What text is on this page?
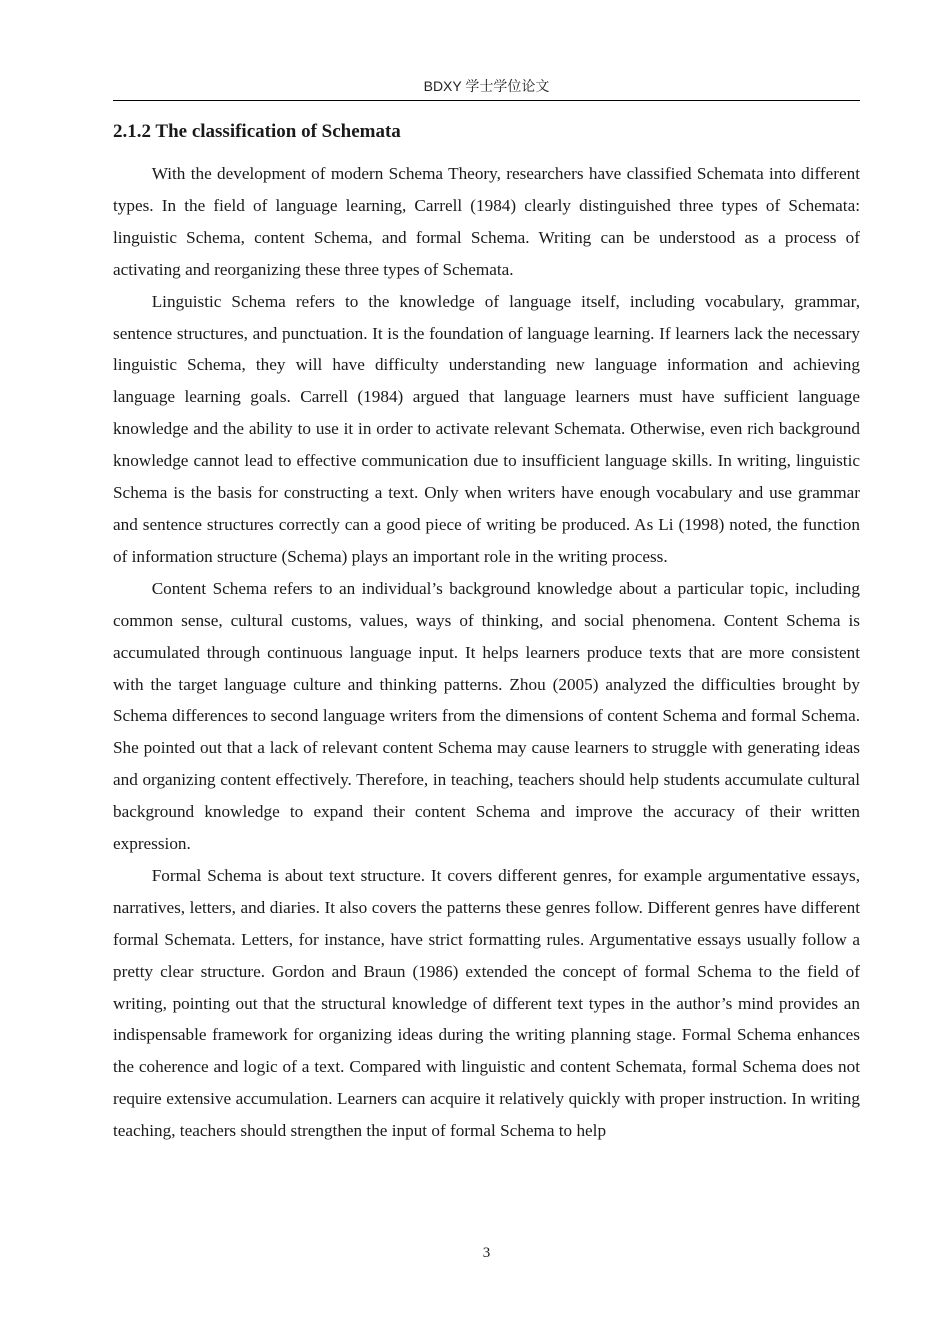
BDXY 学士学位论文
2.1.2 The classification of Schemata

With the development of modern Schema Theory, researchers have classified Schemata into different types. In the field of language learning, Carrell (1984) clearly distinguished three types of Schemata: linguistic Schema, content Schema, and formal Schema. Writing can be understood as a process of activating and reorganizing these three types of Schemata.

Linguistic Schema refers to the knowledge of language itself, including vocabulary, grammar, sentence structures, and punctuation. It is the foundation of language learning. If learners lack the necessary linguistic Schema, they will have difficulty understanding new language information and achieving language learning goals. Carrell (1984) argued that language learners must have sufficient language knowledge and the ability to use it in order to activate relevant Schemata. Otherwise, even rich background knowledge cannot lead to effective communication due to insufficient language skills. In writing, linguistic Schema is the basis for constructing a text. Only when writers have enough vocabulary and use grammar and sentence structures correctly can a good piece of writing be produced. As Li (1998) noted, the function of information structure (Schema) plays an important role in the writing process.

Content Schema refers to an individual’s background knowledge about a particular topic, including common sense, cultural customs, values, ways of thinking, and social phenomena. Content Schema is accumulated through continuous language input. It helps learners produce texts that are more consistent with the target language culture and thinking patterns. Zhou (2005) analyzed the difficulties brought by Schema differences to second language writers from the dimensions of content Schema and formal Schema. She pointed out that a lack of relevant content Schema may cause learners to struggle with generating ideas and organizing content effectively. Therefore, in teaching, teachers should help students accumulate cultural background knowledge to expand their content Schema and improve the accuracy of their written expression.

Formal Schema is about text structure. It covers different genres, for example argumentative essays, narratives, letters, and diaries. It also covers the patterns these genres follow. Different genres have different formal Schemata. Letters, for instance, have strict formatting rules. Argumentative essays usually follow a pretty clear structure. Gordon and Braun (1986) extended the concept of formal Schema to the field of writing, pointing out that the structural knowledge of different text types in the author’s mind provides an indispensable framework for organizing ideas during the writing planning stage. Formal Schema enhances the coherence and logic of a text. Compared with linguistic and content Schemata, formal Schema does not require extensive accumulation. Learners can acquire it relatively quickly with proper instruction. In writing teaching, teachers should strengthen the input of formal Schema to help

3
